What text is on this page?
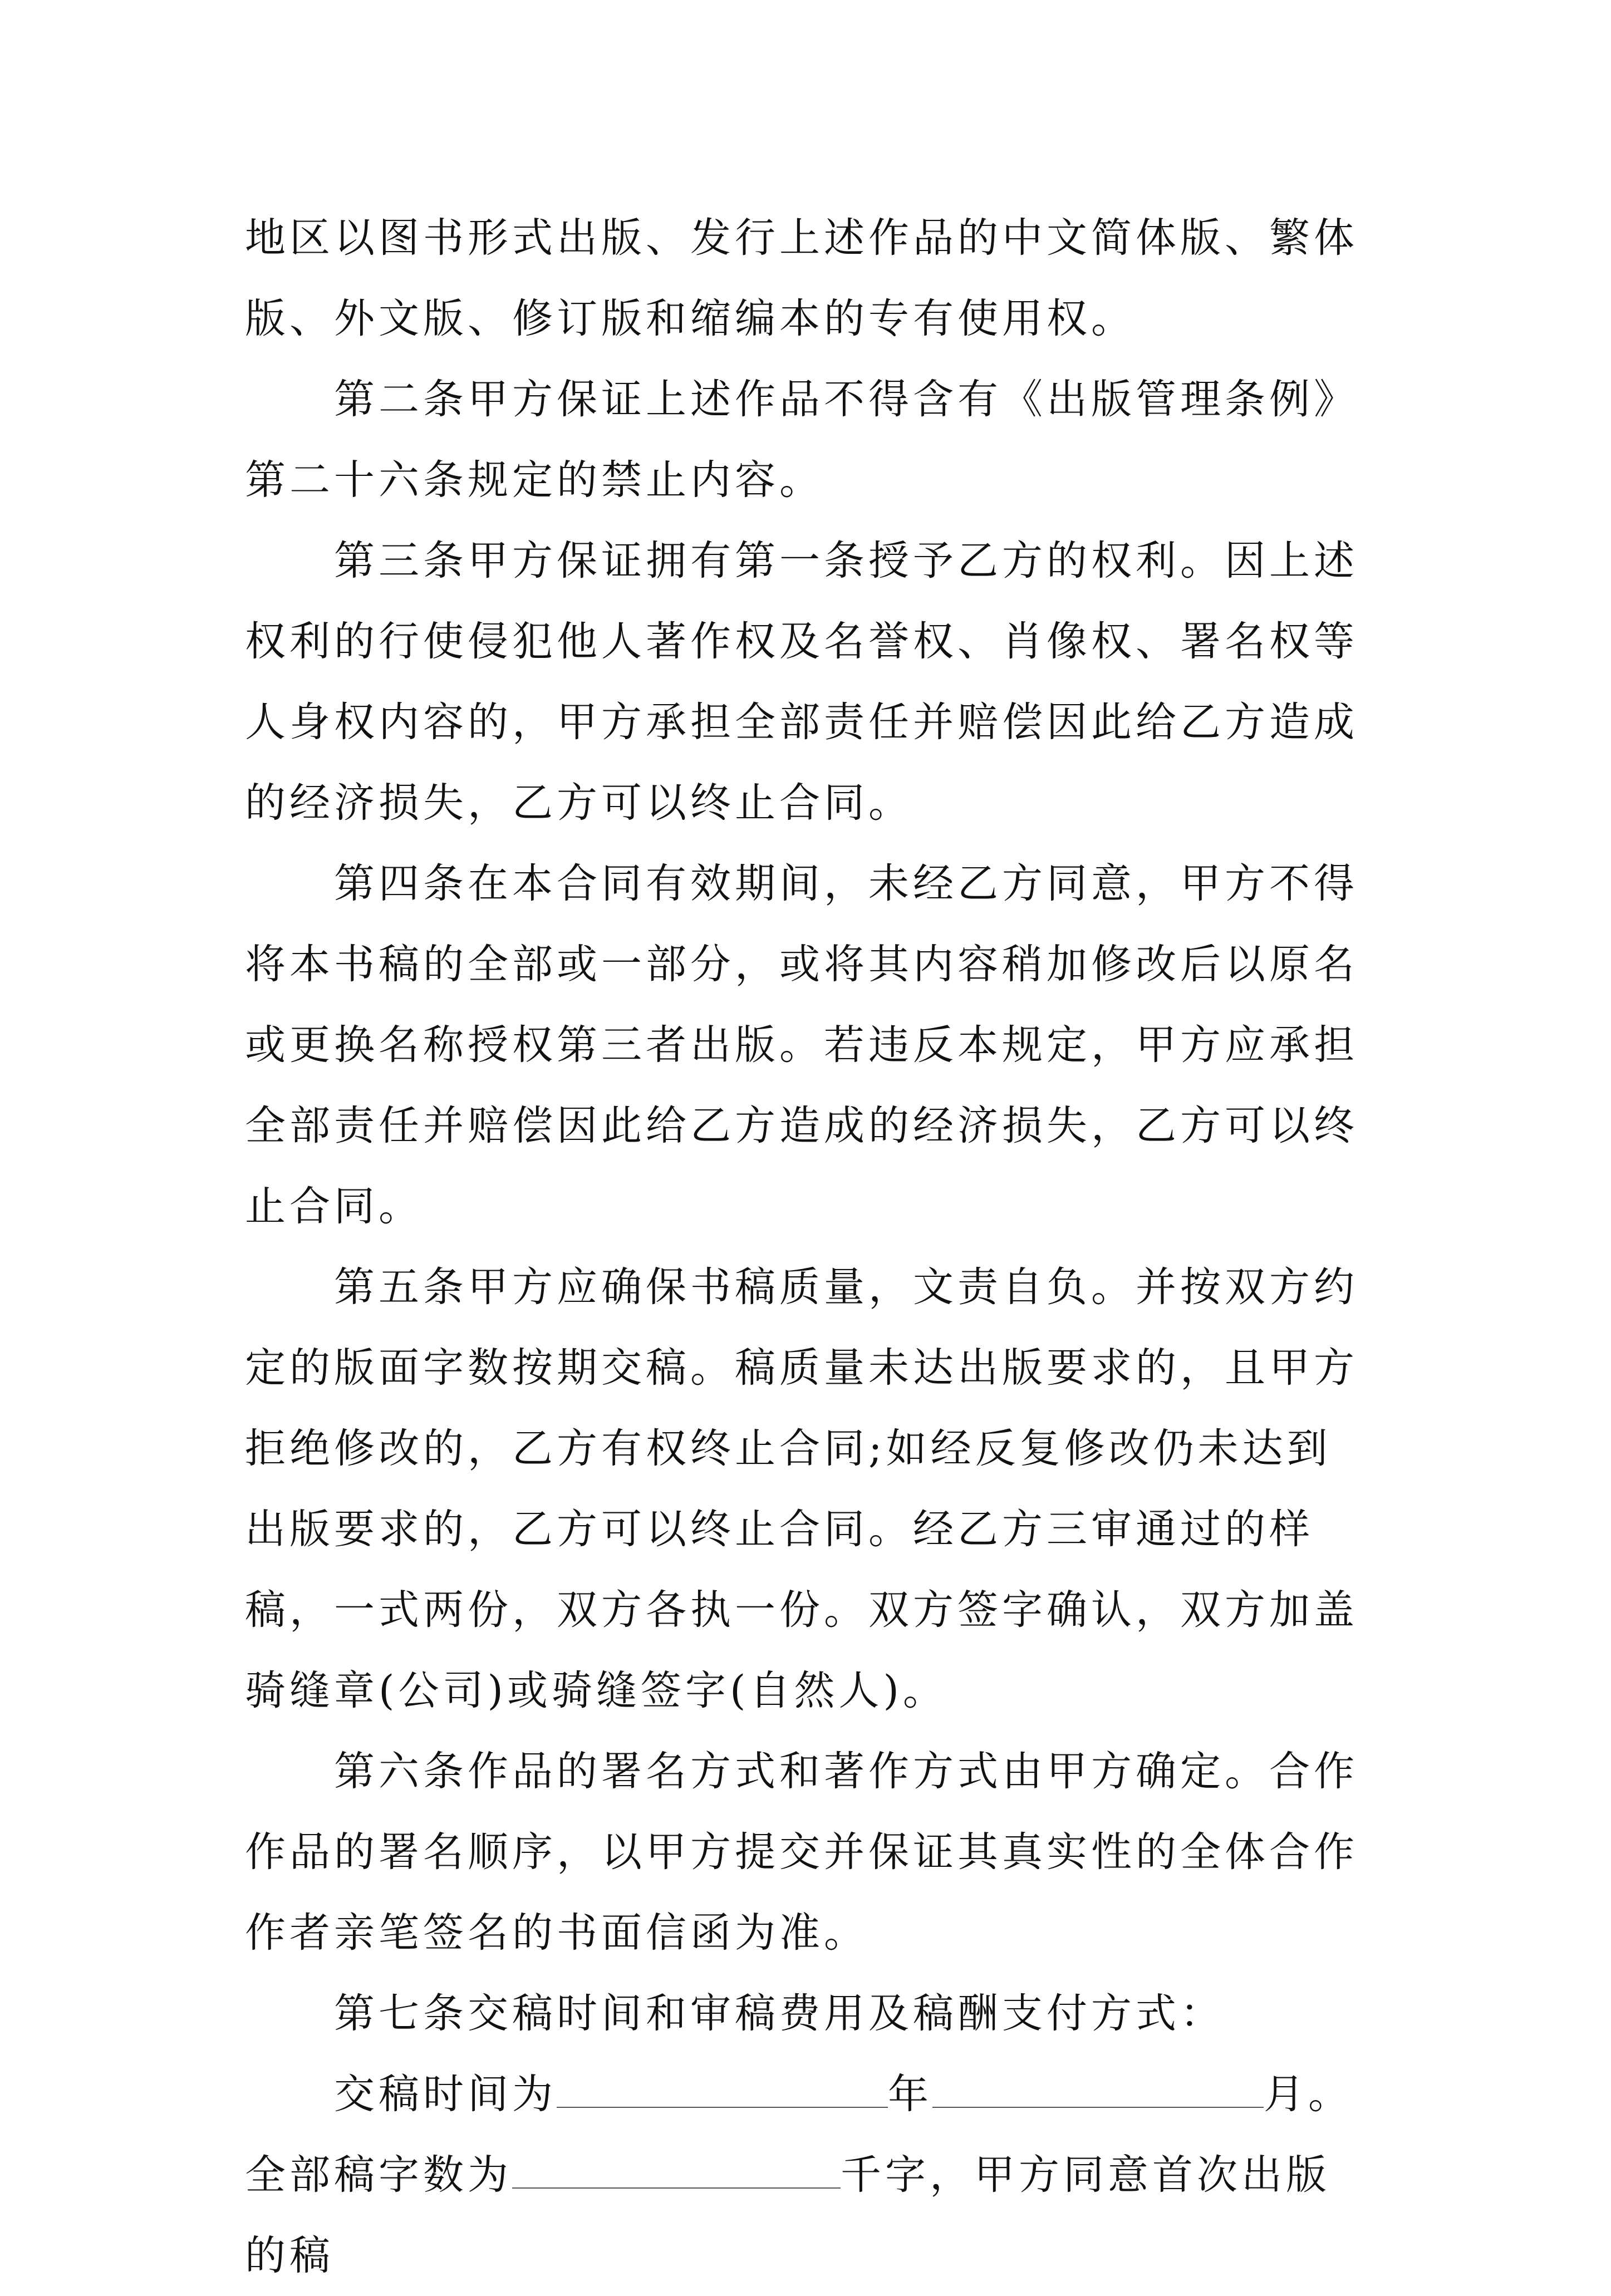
地区以图书形式出版、发行上述作品的中文简体版、繁体版、外文版、修订版和缩编本的专有使用权。

第二条甲方保证上述作品不得含有《出版管理条例》第二十六条规定的禁止内容。

第三条甲方保证拥有第一条授予乙方的权利。因上述权利的行使侵犯他人著作权及名誉权、肖像权、署名权等人身权内容的，甲方承担全部责任并赔偿因此给乙方造成的经济损失，乙方可以终止合同。

第四条在本合同有效期间，未经乙方同意，甲方不得将本书稿的全部或一部分，或将其内容稍加修改后以原名或更换名称授权第三者出版。若违反本规定，甲方应承担全部责任并赔偿因此给乙方造成的经济损失，乙方可以终止合同。

第五条甲方应确保书稿质量，文责自负。并按双方约定的版面字数按期交稿。稿质量未达出版要求的，且甲方拒绝修改的，乙方有权终止合同;如经反复修改仍未达到出版要求的，乙方可以终止合同。经乙方三审通过的样稿，一式两份，双方各执一份。双方签字确认，双方加盖骑缝章(公司)或骑缝签字(自然人)。

第六条作品的署名方式和著作方式由甲方确定。合作作品的署名顺序，以甲方提交并保证其真实性的全体合作作者亲笔签名的书面信函为准。

第七条交稿时间和审稿费用及稿酬支付方式：

交稿时间为	年	月。全部稿字数为	千字，甲方同意首次出版的稿
